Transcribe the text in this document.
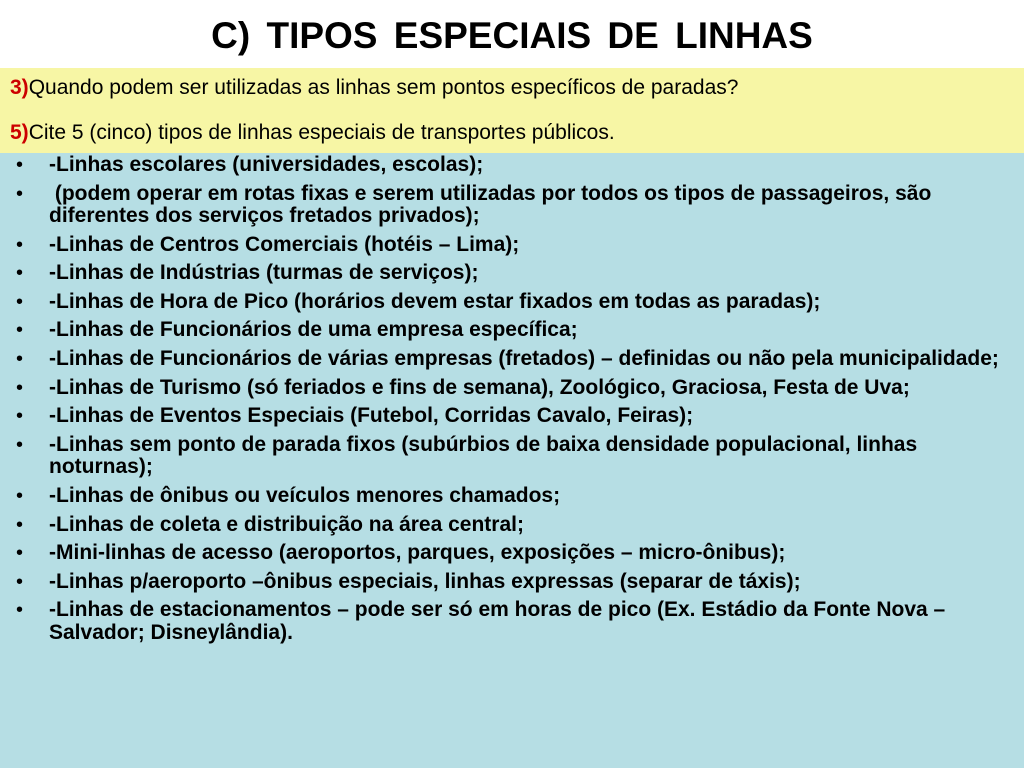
C) TIPOS ESPECIAIS DE LINHAS
3)Quando podem ser utilizadas as linhas sem pontos específicos de paradas?
5)Cite 5 (cinco) tipos de linhas especiais de transportes públicos.
• -Linhas escolares (universidades, escolas);
• (podem operar em rotas fixas e serem utilizadas por todos os tipos de passageiros, são diferentes dos serviços fretados privados);
• -Linhas de Centros Comerciais (hotéis – Lima);
• -Linhas de Indústrias (turmas de serviços);
• -Linhas de Hora de Pico (horários devem estar fixados em todas as paradas);
• -Linhas de Funcionários de uma empresa específica;
• -Linhas de Funcionários de várias empresas (fretados) – definidas ou não pela municipalidade;
• -Linhas de Turismo (só feriados e fins de semana), Zoológico, Graciosa, Festa de Uva;
• -Linhas de Eventos Especiais (Futebol, Corridas Cavalo, Feiras);
• -Linhas sem ponto de parada fixos (subúrbios de baixa densidade populacional, linhas noturnas);
• -Linhas de ônibus ou veículos menores chamados;
• -Linhas de coleta e distribuição na área central;
• -Mini-linhas de acesso (aeroportos, parques, exposições – micro-ônibus);
• -Linhas p/aeroporto –ônibus especiais, linhas expressas (separar de táxis);
• -Linhas de estacionamentos – pode ser só em horas de pico (Ex. Estádio da Fonte Nova – Salvador; Disneylândia).
